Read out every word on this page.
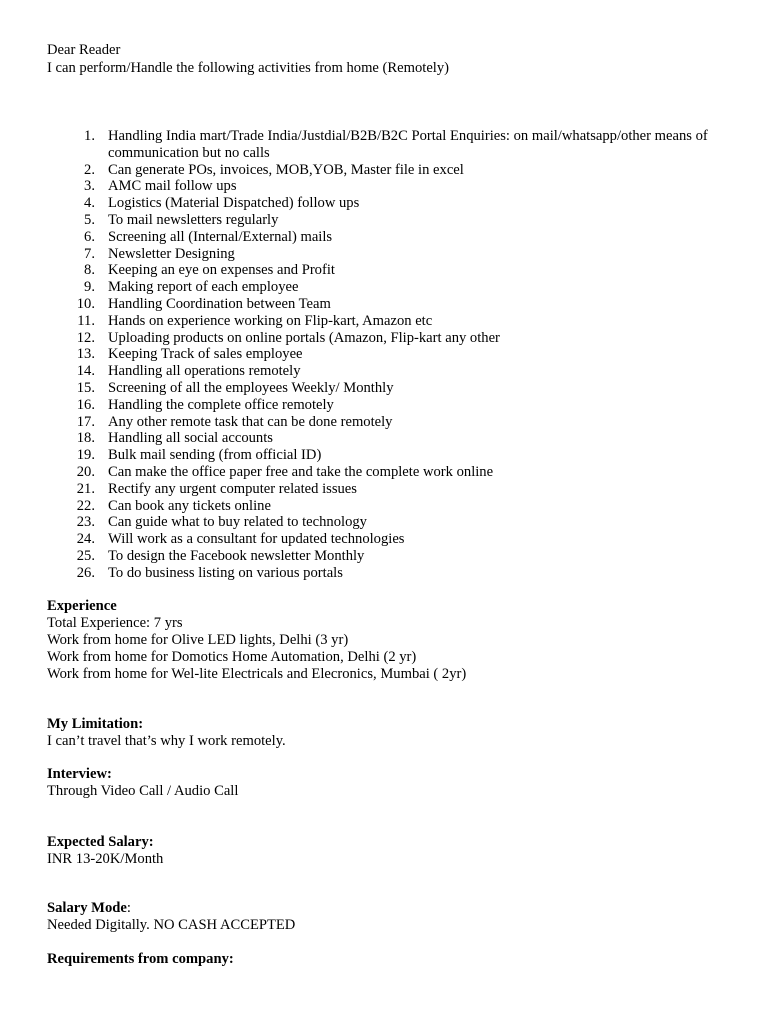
Dear Reader
I can perform/Handle the following activities from home (Remotely)
1. Handling India mart/Trade India/Justdial/B2B/B2C Portal Enquiries: on mail/whatsapp/other means of communication but no calls
2. Can generate POs, invoices, MOB,YOB, Master file in excel
3. AMC mail follow ups
4. Logistics (Material Dispatched) follow ups
5. To mail newsletters regularly
6. Screening all (Internal/External) mails
7. Newsletter Designing
8. Keeping an eye on expenses and Profit
9. Making report of each employee
10. Handling Coordination between Team
11. Hands on experience working on Flip-kart, Amazon etc
12. Uploading products on online portals (Amazon, Flip-kart any other
13. Keeping Track of sales employee
14. Handling all operations remotely
15. Screening of all the employees Weekly/ Monthly
16. Handling the complete office remotely
17. Any other remote task that can be done remotely
18. Handling all social accounts
19. Bulk mail sending (from official ID)
20. Can make the office paper free and take the complete work online
21. Rectify any urgent computer related issues
22. Can book any tickets online
23. Can guide what to buy related to technology
24. Will work as a consultant for updated technologies
25. To design the Facebook newsletter Monthly
26. To do business listing on various portals
Experience
Total Experience: 7 yrs
Work from home for Olive LED lights, Delhi (3 yr)
Work from home for Domotics Home Automation, Delhi (2 yr)
Work from home for Wel-lite Electricals and Elecronics, Mumbai ( 2yr)
My Limitation:
I can’t travel that’s why I work remotely.
Interview:
Through Video Call / Audio Call
Expected Salary:
INR 13-20K/Month
Salary Mode:
Needed Digitally. NO CASH ACCEPTED
Requirements from company:
